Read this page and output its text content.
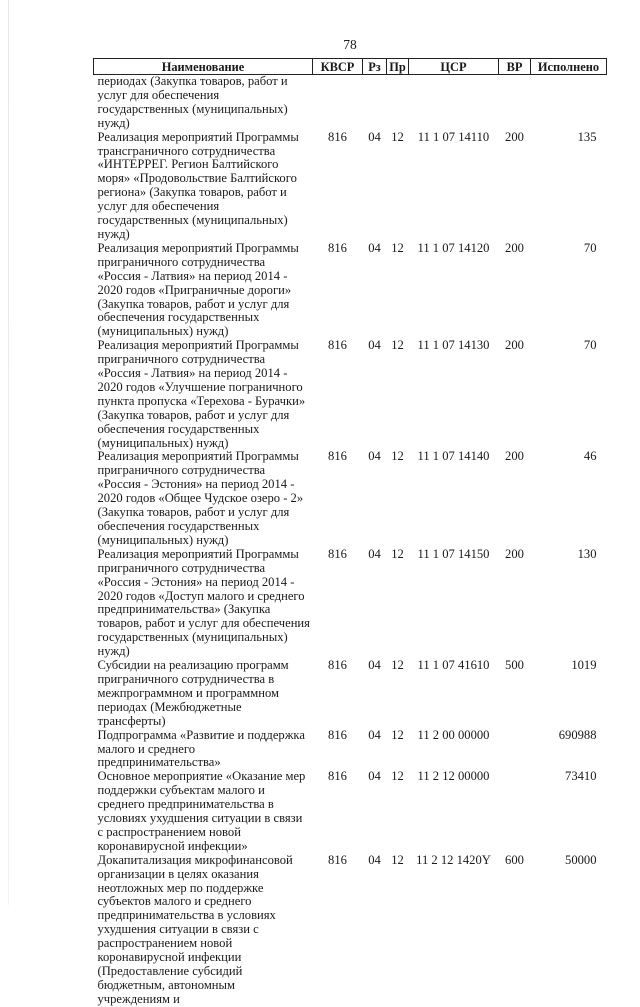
78
Наименование	КВСР	Рз	Пр	ЦСР	ВР	Исполнено
периодах (Закупка товаров, работ и услуг для обеспечения государственных (муниципальных) нужд)						
Реализация мероприятий Программы трансграничного сотрудничества «ИНТЕРРЕГ. Регион Балтийского моря» «Продовольствие Балтийского региона» (Закупка товаров, работ и услуг для обеспечения государственных (муниципальных) нужд)	816	04	12	11 1 07 14110	200	135
Реализация мероприятий Программы приграничного сотрудничества «Россия - Латвия» на период 2014 - 2020 годов «Приграничные дороги» (Закупка товаров, работ и услуг для обеспечения государственных (муниципальных) нужд)	816	04	12	11 1 07 14120	200	70
Реализация мероприятий Программы приграничного сотрудничества «Россия - Латвия» на период 2014 - 2020 годов «Улучшение пограничного пункта пропуска «Терехова - Бурачки» (Закупка товаров, работ и услуг для обеспечения государственных (муниципальных) нужд)	816	04	12	11 1 07 14130	200	70
Реализация мероприятий Программы приграничного сотрудничества «Россия - Эстония» на период 2014 - 2020 годов «Общее Чудское озеро - 2» (Закупка товаров, работ и услуг для обеспечения государственных (муниципальных) нужд)	816	04	12	11 1 07 14140	200	46
Реализация мероприятий Программы приграничного сотрудничества «Россия - Эстония» на период 2014 - 2020 годов «Доступ малого и среднего предпринимательства» (Закупка товаров, работ и услуг для обеспечения государственных (муниципальных) нужд)	816	04	12	11 1 07 14150	200	130
Субсидии на реализацию программ приграничного сотрудничества в межпрограммном и программном периодах (Межбюджетные трансферты)	816	04	12	11 1 07 41610	500	1019
Подпрограмма «Развитие и поддержка малого и среднего предпринимательства»	816	04	12	11 2 00 00000		690988
Основное мероприятие «Оказание мер поддержки субъектам малого и среднего предпринимательства в условиях ухудшения ситуации в связи с распространением новой коронавирусной инфекции»	816	04	12	11 2 12 00000		73410
Докапитализация микрофинансовой организации в целях оказания неотложных мер по поддержке субъектов малого и среднего предпринимательства в условиях ухудшения ситуации в связи с распространением новой коронавирусной инфекции (Предоставление субсидий бюджетным, автономным учреждениям и	816	04	12	11 2 12 1420Y	600	50000
